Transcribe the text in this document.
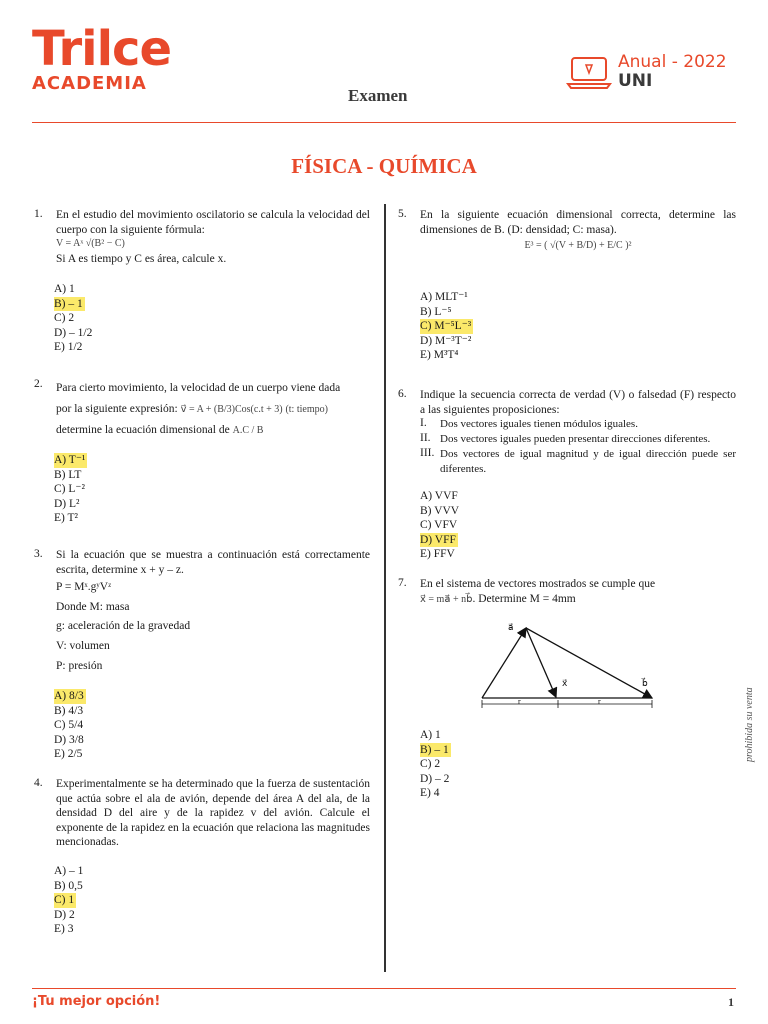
Trilce
ACADEMIA
Examen
Anual - 2022
UNI
FÍSICA - QUÍMICA
1. En el estudio del movimiento oscilatorio se calcula la velocidad del cuerpo con la siguiente fórmula:
V = Aˣ √(B² − C)
Si A es tiempo y C es área, calcule x.
A) 1
B) – 1
C) 2
D) – 1/2
E) 1/2
2. Para cierto movimiento, la velocidad de un cuerpo viene dada
por la siguiente expresión: v⃗ = A + (B/3)Cos(c.t + 3) (t: tiempo)
determine la ecuación dimensional de A.C / B
A) T⁻¹
B) LT
C) L⁻²
D) L²
E) T²
3. Si la ecuación que se muestra a continuación está correctamente escrita, determine x + y – z.
P = Mˣ.gʸVᶻ
Donde M: masa
g: aceleración de la gravedad
V: volumen
P: presión
A) 8/3
B) 4/3
C) 5/4
D) 3/8
E) 2/5
4. Experimentalmente se ha determinado que la fuerza de sustentación que actúa sobre el ala de avión, depende del área A del ala, de la densidad D del aire y de la rapidez v del avión. Calcule el exponente de la rapidez en la ecuación que relaciona las magnitudes mencionadas.
A) – 1
B) 0,5
C) 1
D) 2
E) 3
5. En la siguiente ecuación dimensional correcta, determine las dimensiones de B. (D: densidad; C: masa).
E³ = ( √(V + B/D) + E/C )²
A) MLT⁻¹
B) L⁻⁵
C) M⁻⁵L⁻³
D) M⁻³T⁻²
E) M³T⁴
6. Indique la secuencia correcta de verdad (V) o falsedad (F) respecto a las siguientes proposiciones:
I. Dos vectores iguales tienen módulos iguales.
II. Dos vectores iguales pueden presentar direcciones diferentes.
III. Dos vectores de igual magnitud y de igual dirección puede ser diferentes.
A) VVF
B) VVV
C) VFV
D) VFF
E) FFV
7. En el sistema de vectores mostrados se cumple que
x⃗ = ma⃗ + nb⃗. Determine M = 4mm
a⃗
x⃗	b⃗
r	r
A) 1
B) – 1
C) 2
D) – 2
E) 4
prohibida su venta
¡Tu mejor opción!	1
